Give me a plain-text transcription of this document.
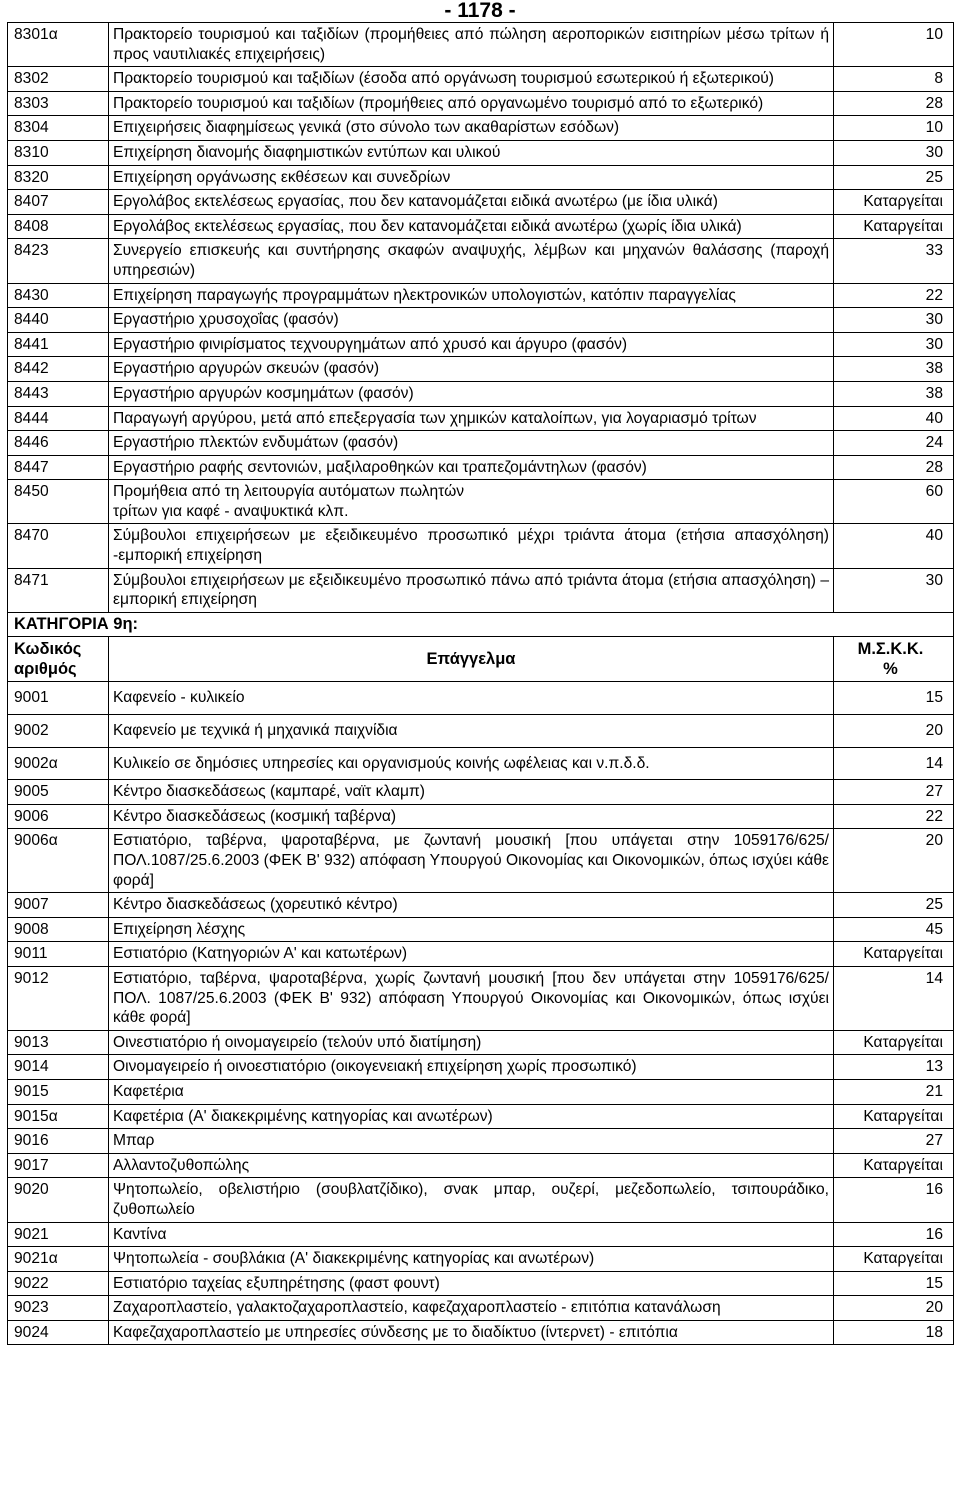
- 1178 -
8301α	Πρακτορείο τουρισμού και ταξιδίων (προμήθειες από πώληση αεροπορικών εισιτηρίων μέσω τρίτων ή προς ναυτιλιακές επιχειρήσεις)	10
8302	Πρακτορείο τουρισμού και ταξιδίων (έσοδα από οργάνωση τουρισμού εσωτερικού ή εξωτερικού)	8
8303	Πρακτορείο τουρισμού και ταξιδίων (προμήθειες από οργανωμένο τουρισμό από το εξωτερικό)	28
8304	Επιχειρήσεις διαφημίσεως γενικά (στο σύνολο των ακαθαρίστων εσόδων)	10
8310	Επιχείρηση διανομής διαφημιστικών εντύπων και υλικού	30
8320	Επιχείρηση οργάνωσης εκθέσεων και συνεδρίων	25
8407	Εργολάβος εκτελέσεως εργασίας, που δεν κατανομάζεται ειδικά ανωτέρω (με ίδια υλικά)	Καταργείται
8408	Εργολάβος εκτελέσεως εργασίας, που δεν κατανομάζεται ειδικά ανωτέρω (χωρίς ίδια υλικά)	Καταργείται
8423	Συνεργείο επισκευής και συντήρησης σκαφών αναψυχής, λέμβων και μηχανών θαλάσσης (παροχή υπηρεσιών)	33
8430	Επιχείρηση παραγωγής προγραμμάτων ηλεκτρονικών υπολογιστών, κατόπιν παραγγελίας	22
8440	Εργαστήριο χρυσοχοΐας (φασόν)	30
8441	Εργαστήριο φινιρίσματος τεχνουργημάτων από χρυσό και άργυρο (φασόν)	30
8442	Εργαστήριο αργυρών σκευών (φασόν)	38
8443	Εργαστήριο αργυρών κοσμημάτων (φασόν)	38
8444	Παραγωγή αργύρου, μετά από επεξεργασία των χημικών καταλοίπων, για λογαριασμό τρίτων	40
8446	Εργαστήριο πλεκτών ενδυμάτων (φασόν)	24
8447	Εργαστήριο ραφής σεντονιών, μαξιλαροθηκών και τραπεζομάντηλων (φασόν)	28
8450	Προμήθεια από τη λειτουργία αυτόματων πωλητών
τρίτων για καφέ - αναψυκτικά κλπ.	60
8470	Σύμβουλοι επιχειρήσεων με εξειδικευμένο προσωπικό μέχρι τριάντα άτομα (ετήσια απασχόληση) -εμπορική επιχείρηση	40
8471	Σύμβουλοι επιχειρήσεων με εξειδικευμένο προσωπικό πάνω από τριάντα άτομα (ετήσια απασχόληση) – εμπορική επιχείρηση	30
ΚΑΤΗΓΟΡΙΑ 9η:		
Κωδικός
αριθμός	Επάγγελμα	Μ.Σ.Κ.Κ.
%
9001	Καφενείο - κυλικείο	15
9002	Καφενείο με τεχνικά ή μηχανικά παιχνίδια	20
9002α	Κυλικείο σε δημόσιες υπηρεσίες και οργανισμούς κοινής ωφέλειας και ν.π.δ.δ.	14
9005	Κέντρο διασκεδάσεως (καμπαρέ, ναϊτ κλαμπ)	27
9006	Κέντρο διασκεδάσεως (κοσμική ταβέρνα)	22
9006α	Εστιατόριο, ταβέρνα, ψαροταβέρνα, με ζωντανή μουσική [που υπάγεται στην 1059176/625/ΠΟΛ.1087/25.6.2003 (ΦΕΚ Β' 932) απόφαση Υπουργού Οικονομίας και Οικονομικών, όπως ισχύει κάθε φορά]	20
9007	Κέντρο διασκεδάσεως (χορευτικό κέντρο)	25
9008	Επιχείρηση λέσχης	45
9011	Εστιατόριο (Κατηγοριών Α' και κατωτέρων)	Καταργείται
9012	Εστιατόριο, ταβέρνα, ψαροταβέρνα, χωρίς ζωντανή μουσική [που δεν υπάγεται στην 1059176/625/ΠΟΛ. 1087/25.6.2003 (ΦΕΚ Β' 932) απόφαση Υπουργού Οικονομίας και Οικονομικών, όπως ισχύει κάθε φορά]	14
9013	Οινεστιατόριο ή οινομαγειρείο (τελούν υπό διατίμηση)	Καταργείται
9014	Οινομαγειρείο ή οινοεστιατόριο (οικογενειακή επιχείρηση χωρίς προσωπικό)	13
9015	Καφετέρια	21
9015α	Καφετέρια (Α' διακεκριμένης κατηγορίας και ανωτέρων)	Καταργείται
9016	Μπαρ	27
9017	Αλλαντοζυθοπώλης	Καταργείται
9020	Ψητοπωλείο, οβελιστήριο (σουβλατζίδικο), σνακ μπαρ, ουζερί, μεζεδοπωλείο, τσιπουράδικο, ζυθοπωλείο	16
9021	Καντίνα	16
9021α	Ψητοπωλεία - σουβλάκια (Α' διακεκριμένης κατηγορίας και ανωτέρων)	Καταργείται
9022	Εστιατόριο ταχείας εξυπηρέτησης (φαστ φουντ)	15
9023	Ζαχαροπλαστείο, γαλακτοζαχαροπλαστείο, καφεζαχαροπλαστείο - επιτόπια κατανάλωση	20
9024	Καφεζαχαροπλαστείο με υπηρεσίες σύνδεσης με το διαδίκτυο (ίντερνετ) - επιτόπια	18
